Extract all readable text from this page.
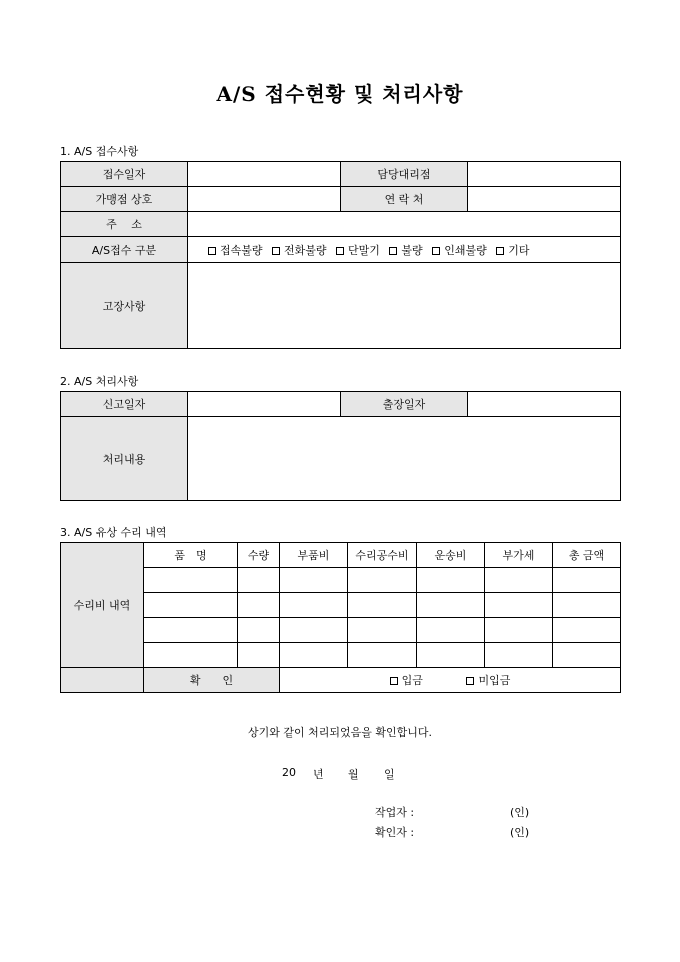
A/S 접수현황 및 처리사항
1. A/S 접수사항
접수일자		담당대리점	
가맹점 상호		연 락 처	
주　 소			
A/S접수 구분	접속불량 전화불량 단말기 불량 인쇄불량 기타		
고장사항			
2. A/S 처리사항
신고일자		출장일자	
처리내용			
3. A/S 유상 수리 내역
수리비 내역	품　명	수량	부품비	수리공수비	운송비	부가세	총 금액

	확　　인		입금 미입금				
상기와 같이 처리되었음을 확인합니다.
20 년 월 일
작업자 :	(인)
확인자 :	(인)
